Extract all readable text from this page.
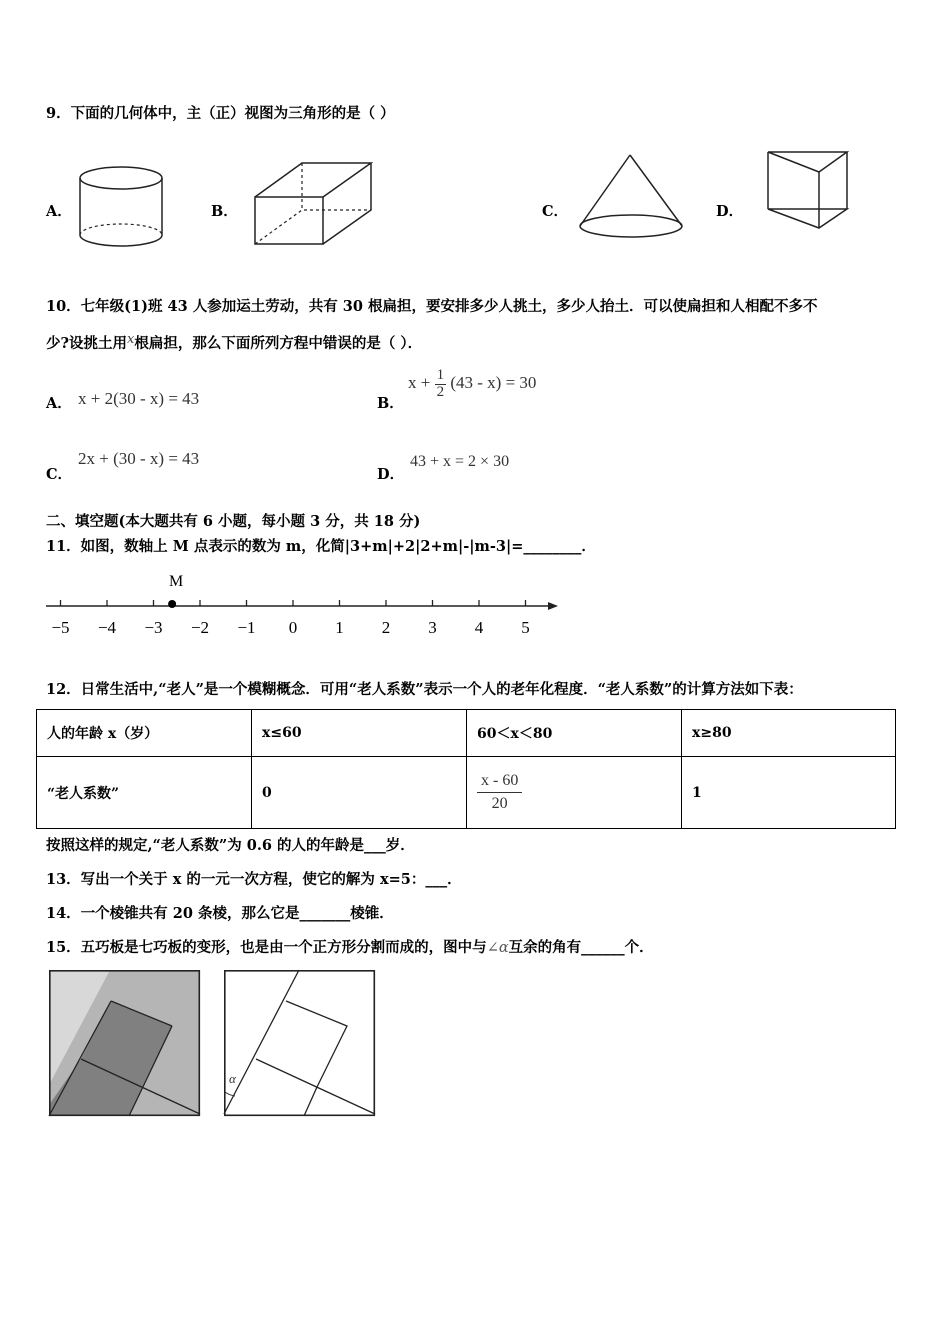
9．下面的几何体中，主（正）视图为三角形的是（ ）
A．	B．	C．	D．
10．七年级(1)班 43 人参加运土劳动，共有 30 根扁担，要安排多少人挑土，多少人抬土．可以使扁担和人相配不多不
少?设挑土用x根扁担，那么下面所列方程中错误的是（ ）．
A． x + 2(30 - x) = 43	B．
$x + \frac{1}{2} (43 - x) = 30$
C．
2x + (30 - x) = 43
D．
43 + x = 2 × 30
二、填空题(本大题共有 6 小题，每小题 3 分，共 18 分)
11．如图，数轴上 M 点表示的数为 m，化简|3+m|+2|2+m|-|m-3|=________．
−5 −4 −3 −2 −1 0 1 2 3 4 5
M
12．日常生活中,“老人”是一个模糊概念．可用“老人系数”表示一个人的老年化程度．“老人系数”的计算方法如下表：
人的年龄 x（岁）	x≤60	60＜x＜80	x≥80
“老人系数”	0	$\frac{x - 60}{20}$	1
按照这样的规定,“老人系数”为 0.6 的人的年龄是___岁．
13．写出一个关于 x 的一元一次方程，使它的解为 x=5：___．
14．一个棱锥共有 20 条棱，那么它是_______棱锥．
15．五巧板是七巧板的变形，也是由一个正方形分割而成的，图中与∠α互余的角有______个．
α
